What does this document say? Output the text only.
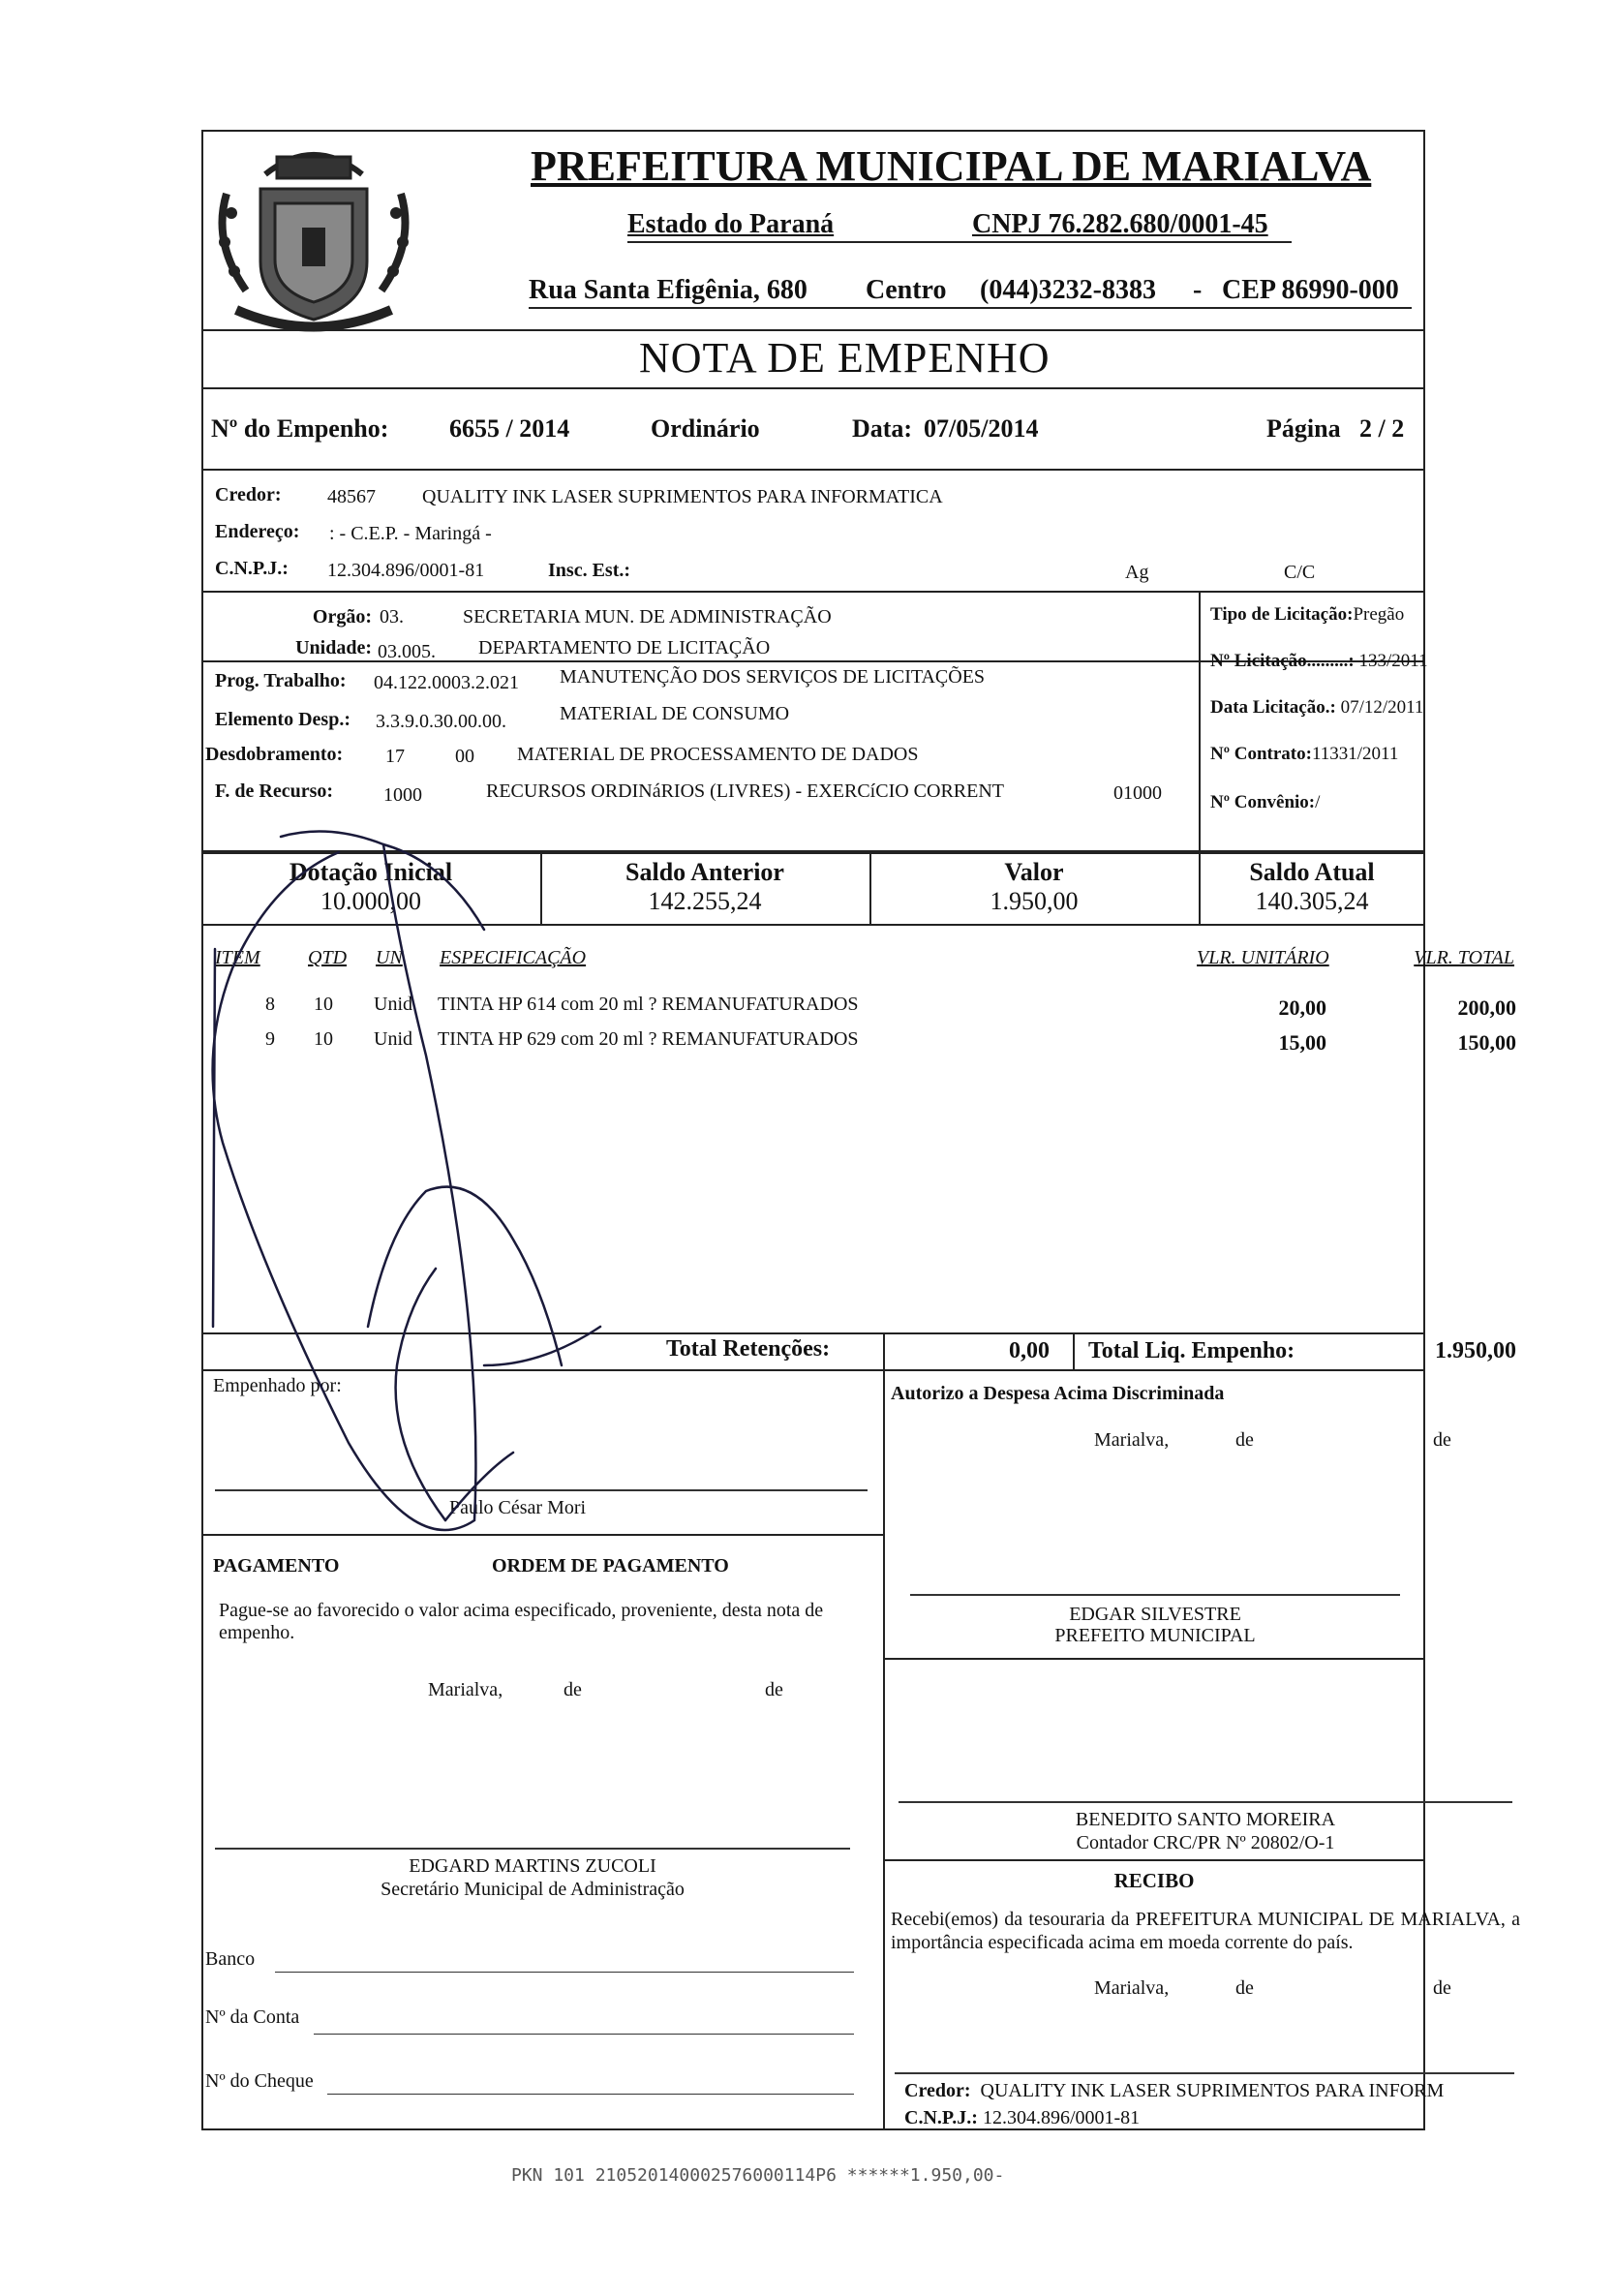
PREFEITURA MUNICIPAL DE MARIALVA
Estado do Paraná	CNPJ 76.282.680/0001-45
Rua Santa Efigênia, 680 Centro (044)3232-8383 - CEP 86990-000
NOTA DE EMPENHO
Nº do Empenho: 6655 / 2014	Ordinário	Data: 07/05/2014	Página 2 / 2
Credor: 48567 QUALITY INK LASER SUPRIMENTOS PARA INFORMATICA
Endereço: : - C.E.P. - Maringá -
C.N.P.J.: 12.304.896/0001-81	Insc. Est.:	Ag	C/C
Orgão: 03.	SECRETARIA MUN. DE ADMINISTRAÇÃO
Unidade: 03.005. DEPARTAMENTO DE LICITAÇÃO
Prog. Trabalho: 04.122.0003.2.021 MANUTENÇÃO DOS SERVIÇOS DE LICITAÇÕES
Elemento Desp.: 3.3.9.0.30.00.00.	MATERIAL DE CONSUMO
Desdobramento: 17	00 MATERIAL DE PROCESSAMENTO DE DADOS
F. de Recurso:	1000	RECURSOS ORDINáRIOS (LIVRES) - EXERCíCIO CORRENT	01000
Tipo de Licitação:Pregão
Nº Licitação.........: 133/2011
Data Licitação.: 07/12/2011
Nº Contrato:11331/2011
Nº Convênio:/
Dotação Inicial
10.000,00
Saldo Anterior
142.255,24
Valor
1.950,00
Saldo Atual
140.305,24
ITEM QTD UN ESPECIFICAÇÃO	VLR. UNITÁRIO	VLR. TOTAL
8 10 Unid TINTA HP 614 com 20 ml ? REMANUFATURADOS	20,00	200,00
9 10 Unid TINTA HP 629 com 20 ml ? REMANUFATURADOS	15,00	150,00
Total Retenções:	0,00 Total Liq. Empenho:	1.950,00
Empenhado por:
Paulo César Mori
Autorizo a Despesa Acima Discriminada
Marialva,	de	de
PAGAMENTO	ORDEM DE PAGAMENTO
Pague-se ao favorecido o valor acima especificado, proveniente, desta nota de empenho.
Marialva,	de	de
EDGAR SILVESTRE
PREFEITO MUNICIPAL
BENEDITO SANTO MOREIRA
Contador CRC/PR Nº 20802/O-1
EDGARD MARTINS ZUCOLI
Secretário Municipal de Administração
Banco
Nº da Conta
Nº do Cheque
RECIBO
Recebi(emos) da tesouraria da PREFEITURA MUNICIPAL DE MARIALVA, a importância especificada acima em moeda corrente do país.
Marialva,	de	de
Credor: QUALITY INK LASER SUPRIMENTOS PARA INFORM
C.N.P.J.: 12.304.896/0001-81
PKN 101 210520140002576000114P6 ******1.950,00-
